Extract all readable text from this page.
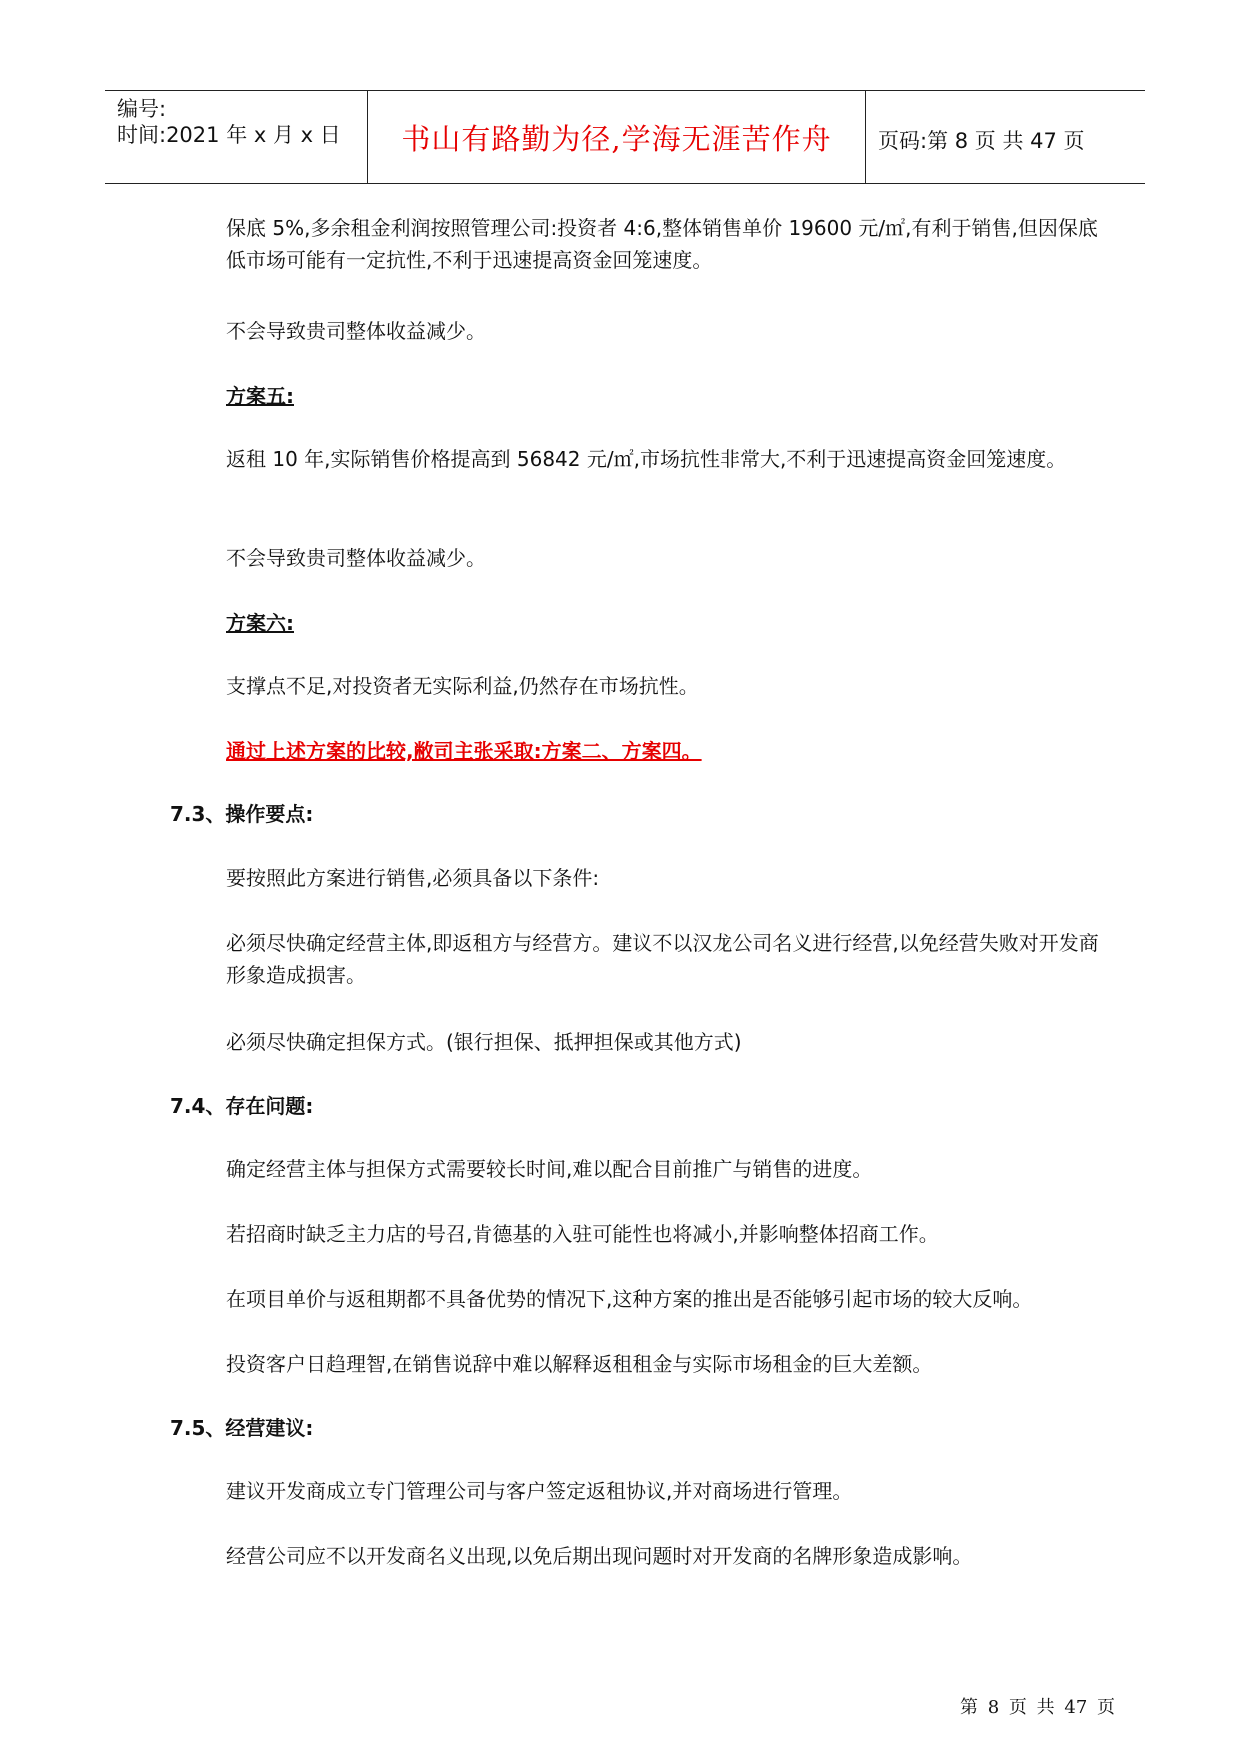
编号:
时间:2021 年 x 月 x 日	书山有路勤为径,学海无涯苦作舟	页码:第 8 页 共 47 页
保底 5%,多余租金利润按照管理公司:投资者 4:6,整体销售单价 19600 元/㎡,有利于销售,但因保底低市场可能有一定抗性,不利于迅速提高资金回笼速度。
不会导致贵司整体收益减少。
方案五:
返租 10 年,实际销售价格提高到 56842 元/㎡,市场抗性非常大,不利于迅速提高资金回笼速度。
不会导致贵司整体收益减少。
方案六:
支撑点不足,对投资者无实际利益,仍然存在市场抗性。
通过上述方案的比较,敝司主张采取:方案二、方案四。
7.3、操作要点:
要按照此方案进行销售,必须具备以下条件:
必须尽快确定经营主体,即返租方与经营方。建议不以汉龙公司名义进行经营,以免经营失败对开发商形象造成损害。
必须尽快确定担保方式。(银行担保、抵押担保或其他方式)
7.4、存在问题:
确定经营主体与担保方式需要较长时间,难以配合目前推广与销售的进度。
若招商时缺乏主力店的号召,肯德基的入驻可能性也将减小,并影响整体招商工作。
在项目单价与返租期都不具备优势的情况下,这种方案的推出是否能够引起市场的较大反响。
投资客户日趋理智,在销售说辞中难以解释返租租金与实际市场租金的巨大差额。
7.5、经营建议:
建议开发商成立专门管理公司与客户签定返租协议,并对商场进行管理。
经营公司应不以开发商名义出现,以免后期出现问题时对开发商的名牌形象造成影响。
第 8 页 共 47 页
